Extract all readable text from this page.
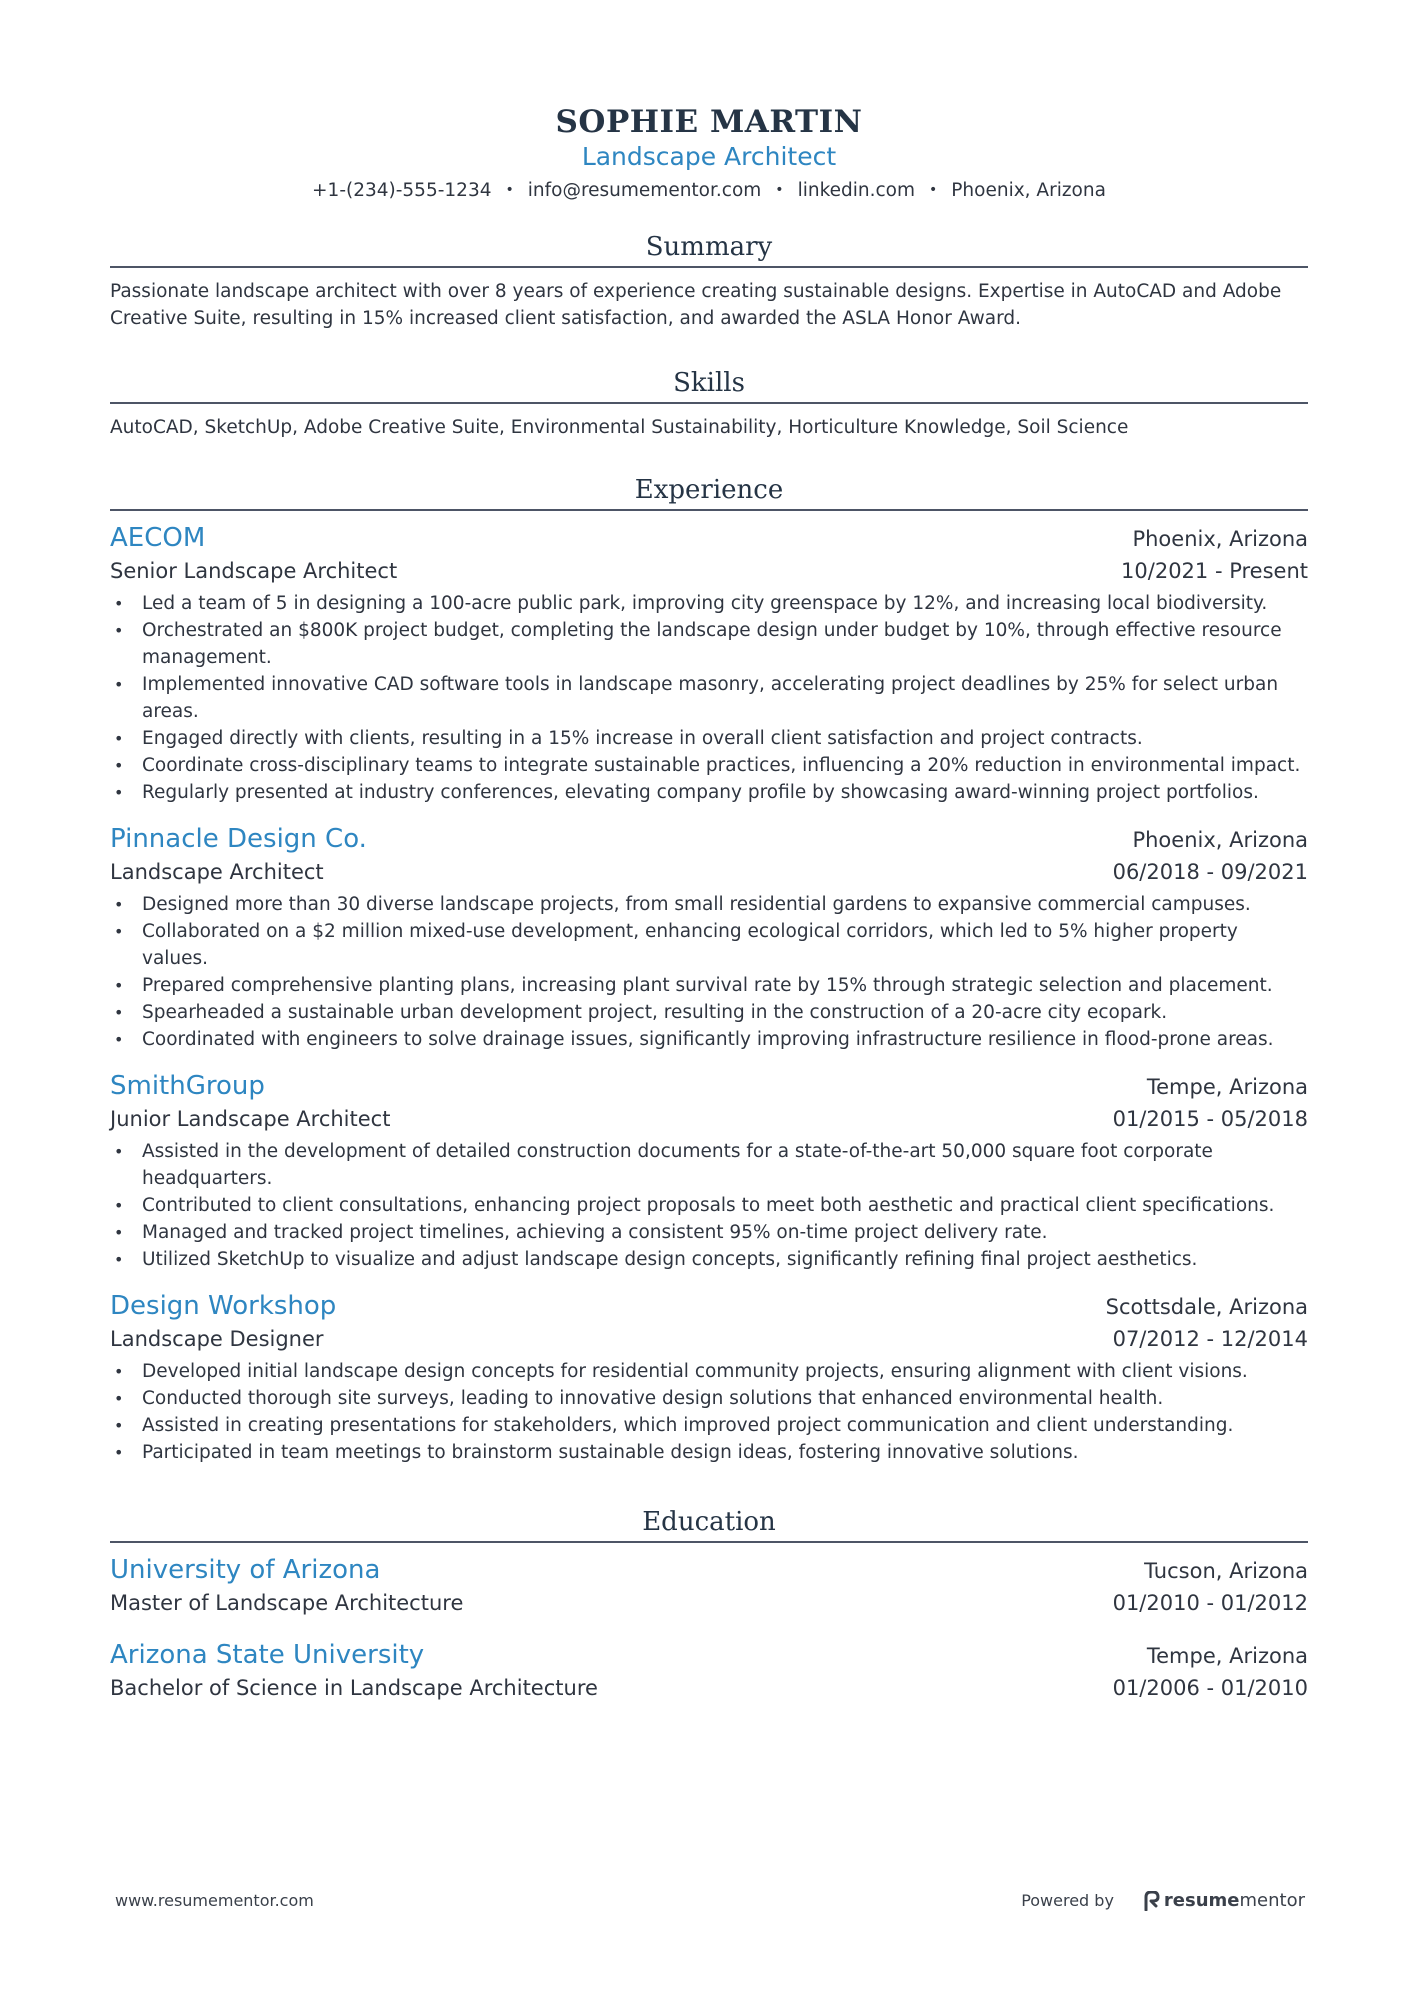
SOPHIE MARTIN
Landscape Architect
+1-(234)-555-1234 • info@resumementor.com • linkedin.com • Phoenix, Arizona
Summary
Passionate landscape architect with over 8 years of experience creating sustainable designs. Expertise in AutoCAD and Adobe Creative Suite, resulting in 15% increased client satisfaction, and awarded the ASLA Honor Award.
Skills
AutoCAD, SketchUp, Adobe Creative Suite, Environmental Sustainability, Horticulture Knowledge, Soil Science
Experience
AECOM	Phoenix, Arizona
Senior Landscape Architect	10/2021 - Present
• Led a team of 5 in designing a 100-acre public park, improving city greenspace by 12%, and increasing local biodiversity.
• Orchestrated an $800K project budget, completing the landscape design under budget by 10%, through effective resource management.
• Implemented innovative CAD software tools in landscape masonry, accelerating project deadlines by 25% for select urban areas.
• Engaged directly with clients, resulting in a 15% increase in overall client satisfaction and project contracts.
• Coordinate cross-disciplinary teams to integrate sustainable practices, influencing a 20% reduction in environmental impact.
• Regularly presented at industry conferences, elevating company profile by showcasing award-winning project portfolios.
Pinnacle Design Co.	Phoenix, Arizona
Landscape Architect	06/2018 - 09/2021
• Designed more than 30 diverse landscape projects, from small residential gardens to expansive commercial campuses.
• Collaborated on a $2 million mixed-use development, enhancing ecological corridors, which led to 5% higher property values.
• Prepared comprehensive planting plans, increasing plant survival rate by 15% through strategic selection and placement.
• Spearheaded a sustainable urban development project, resulting in the construction of a 20-acre city ecopark.
• Coordinated with engineers to solve drainage issues, significantly improving infrastructure resilience in flood-prone areas.
SmithGroup	Tempe, Arizona
Junior Landscape Architect	01/2015 - 05/2018
• Assisted in the development of detailed construction documents for a state-of-the-art 50,000 square foot corporate headquarters.
• Contributed to client consultations, enhancing project proposals to meet both aesthetic and practical client specifications.
• Managed and tracked project timelines, achieving a consistent 95% on-time project delivery rate.
• Utilized SketchUp to visualize and adjust landscape design concepts, significantly refining final project aesthetics.
Design Workshop	Scottsdale, Arizona
Landscape Designer	07/2012 - 12/2014
• Developed initial landscape design concepts for residential community projects, ensuring alignment with client visions.
• Conducted thorough site surveys, leading to innovative design solutions that enhanced environmental health.
• Assisted in creating presentations for stakeholders, which improved project communication and client understanding.
• Participated in team meetings to brainstorm sustainable design ideas, fostering innovative solutions.
Education
University of Arizona	Tucson, Arizona
Master of Landscape Architecture	01/2010 - 01/2012
Arizona State University	Tempe, Arizona
Bachelor of Science in Landscape Architecture	01/2006 - 01/2010
www.resumementor.com	Powered by	resume mentor
